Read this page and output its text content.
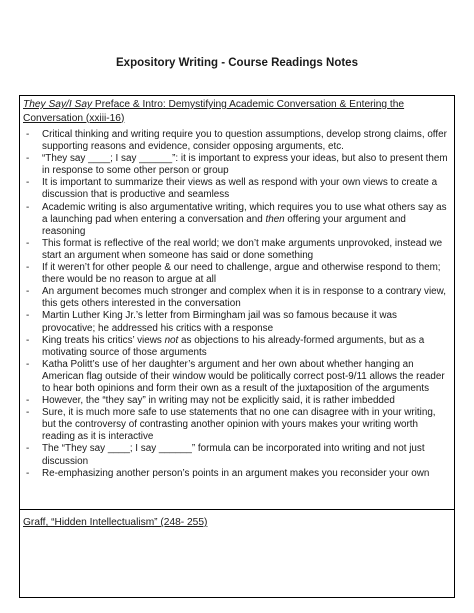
Expository Writing - Course Readings Notes
They Say/I Say Preface & Intro: Demystifying Academic Conversation & Entering the Conversation (xxiii-16)
- Critical thinking and writing require you to question assumptions, develop strong claims, offer supporting reasons and evidence, consider opposing arguments, etc.
- “They say ____; I say ______”: it is important to express your ideas, but also to present them in response to some other person or group
- It is important to summarize their views as well as respond with your own views to create a discussion that is productive and seamless
- Academic writing is also argumentative writing, which requires you to use what others say as a launching pad when entering a conversation and then offering your argument and reasoning
- This format is reflective of the real world; we don’t make arguments unprovoked, instead we start an argument when someone has said or done something
- If it weren’t for other people & our need to challenge, argue and otherwise respond to them; there would be no reason to argue at all
- An argument becomes much stronger and complex when it is in response to a contrary view, this gets others interested in the conversation
- Martin Luther King Jr.’s letter from Birmingham jail was so famous because it was provocative; he addressed his critics with a response
- King treats his critics’ views not as objections to his already-formed arguments, but as a motivating source of those arguments
- Katha Politt’s use of her daughter’s argument and her own about whether hanging an American flag outside of their window would be politically correct post-9/11 allows the reader to hear both opinions and form their own as a result of the juxtaposition of the arguments
- However, the “they say” in writing may not be explicitly said, it is rather imbedded
- Sure, it is much more safe to use statements that no one can disagree with in your writing, but the controversy of contrasting another opinion with yours makes your writing worth reading as it is interactive
- The “They say ____; I say ______” formula can be incorporated into writing and not just discussion
- Re-emphasizing another person’s points in an argument makes you reconsider your own
Graff, “Hidden Intellectualism” (248- 255)
